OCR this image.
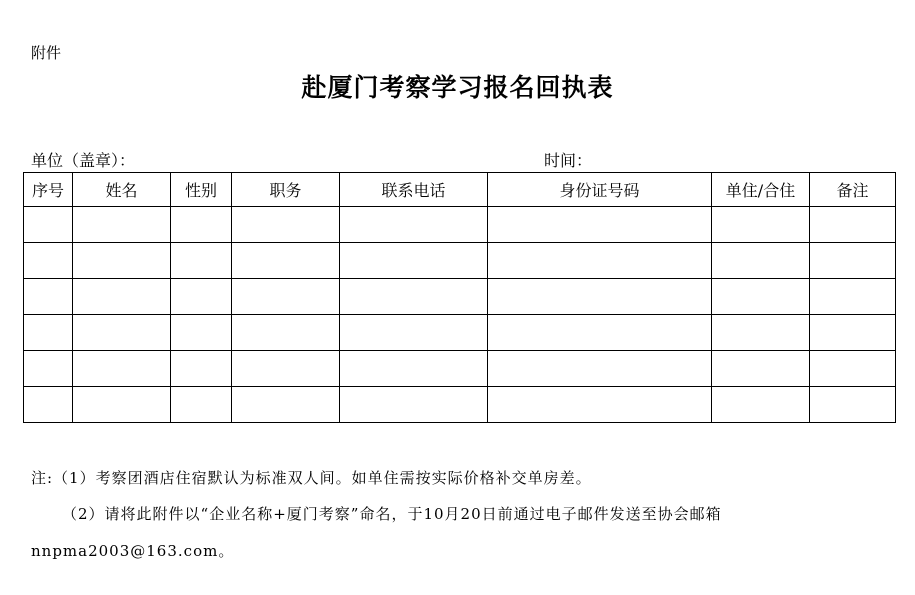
附件
赴厦门考察学习报名回执表
单位（盖章）：	时间：
序号	姓名	性别	职务	联系电话	身份证号码	单住/合住	备注

注:（1）考察团酒店住宿默认为标准双人间。如单住需按实际价格补交单房差。
（2）请将此附件以“企业名称+厦门考察”命名，于10月20日前通过电子邮件发送至协会邮箱
nnpma2003@163.com。
